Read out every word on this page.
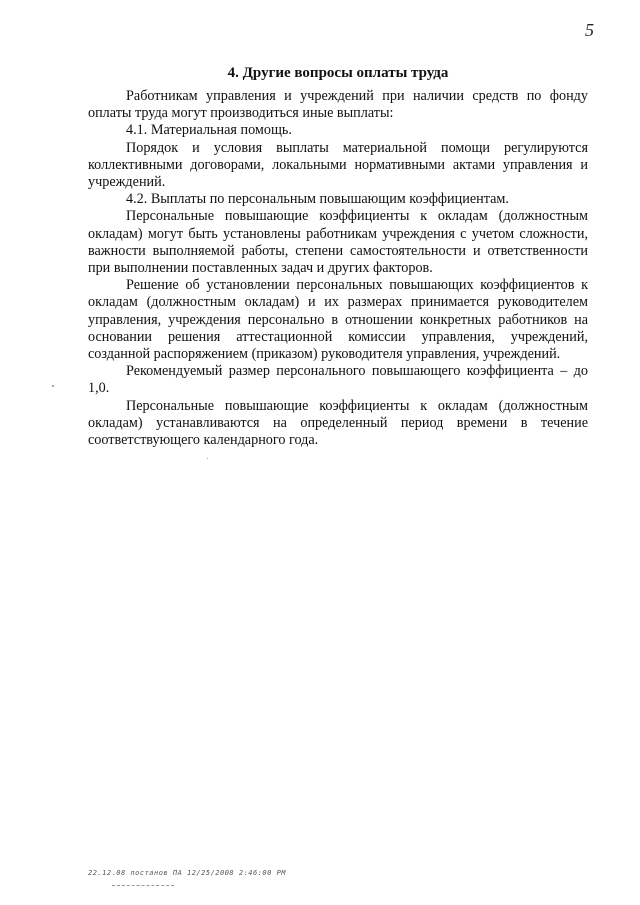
5
4. Другие вопросы оплаты труда

Работникам управления и учреждений при наличии средств по фонду оплаты труда могут производиться иные выплаты:

4.1. Материальная помощь.

Порядок и условия выплаты материальной помощи регулируются коллективными договорами, локальными нормативными актами управления и учреждений.

4.2. Выплаты по персональным повышающим коэффициентам.

Персональные повышающие коэффициенты к окладам (должностным окладам) могут быть установлены работникам учреждения с учетом сложности, важности выполняемой работы, степени самостоятельности и ответственности при выполнении поставленных задач и других факторов.

Решение об установлении персональных повышающих коэффициентов к окладам (должностным окладам) и их размерах принимается руководителем управления, учреждения персонально в отношении конкретных работников на основании решения аттестационной комиссии управления, учреждений, созданной распоряжением (приказом) руководителя управления, учреждений.

Рекомендуемый размер персонального повышающего коэффициента – до 1,0.

Персональные повышающие коэффициенты к окладам (должностным окладам) устанавливаются на определенный период времени в течение соответствующего календарного года.

22.12.08 постанов ПА 12/25/2008 2:46:00 PM
